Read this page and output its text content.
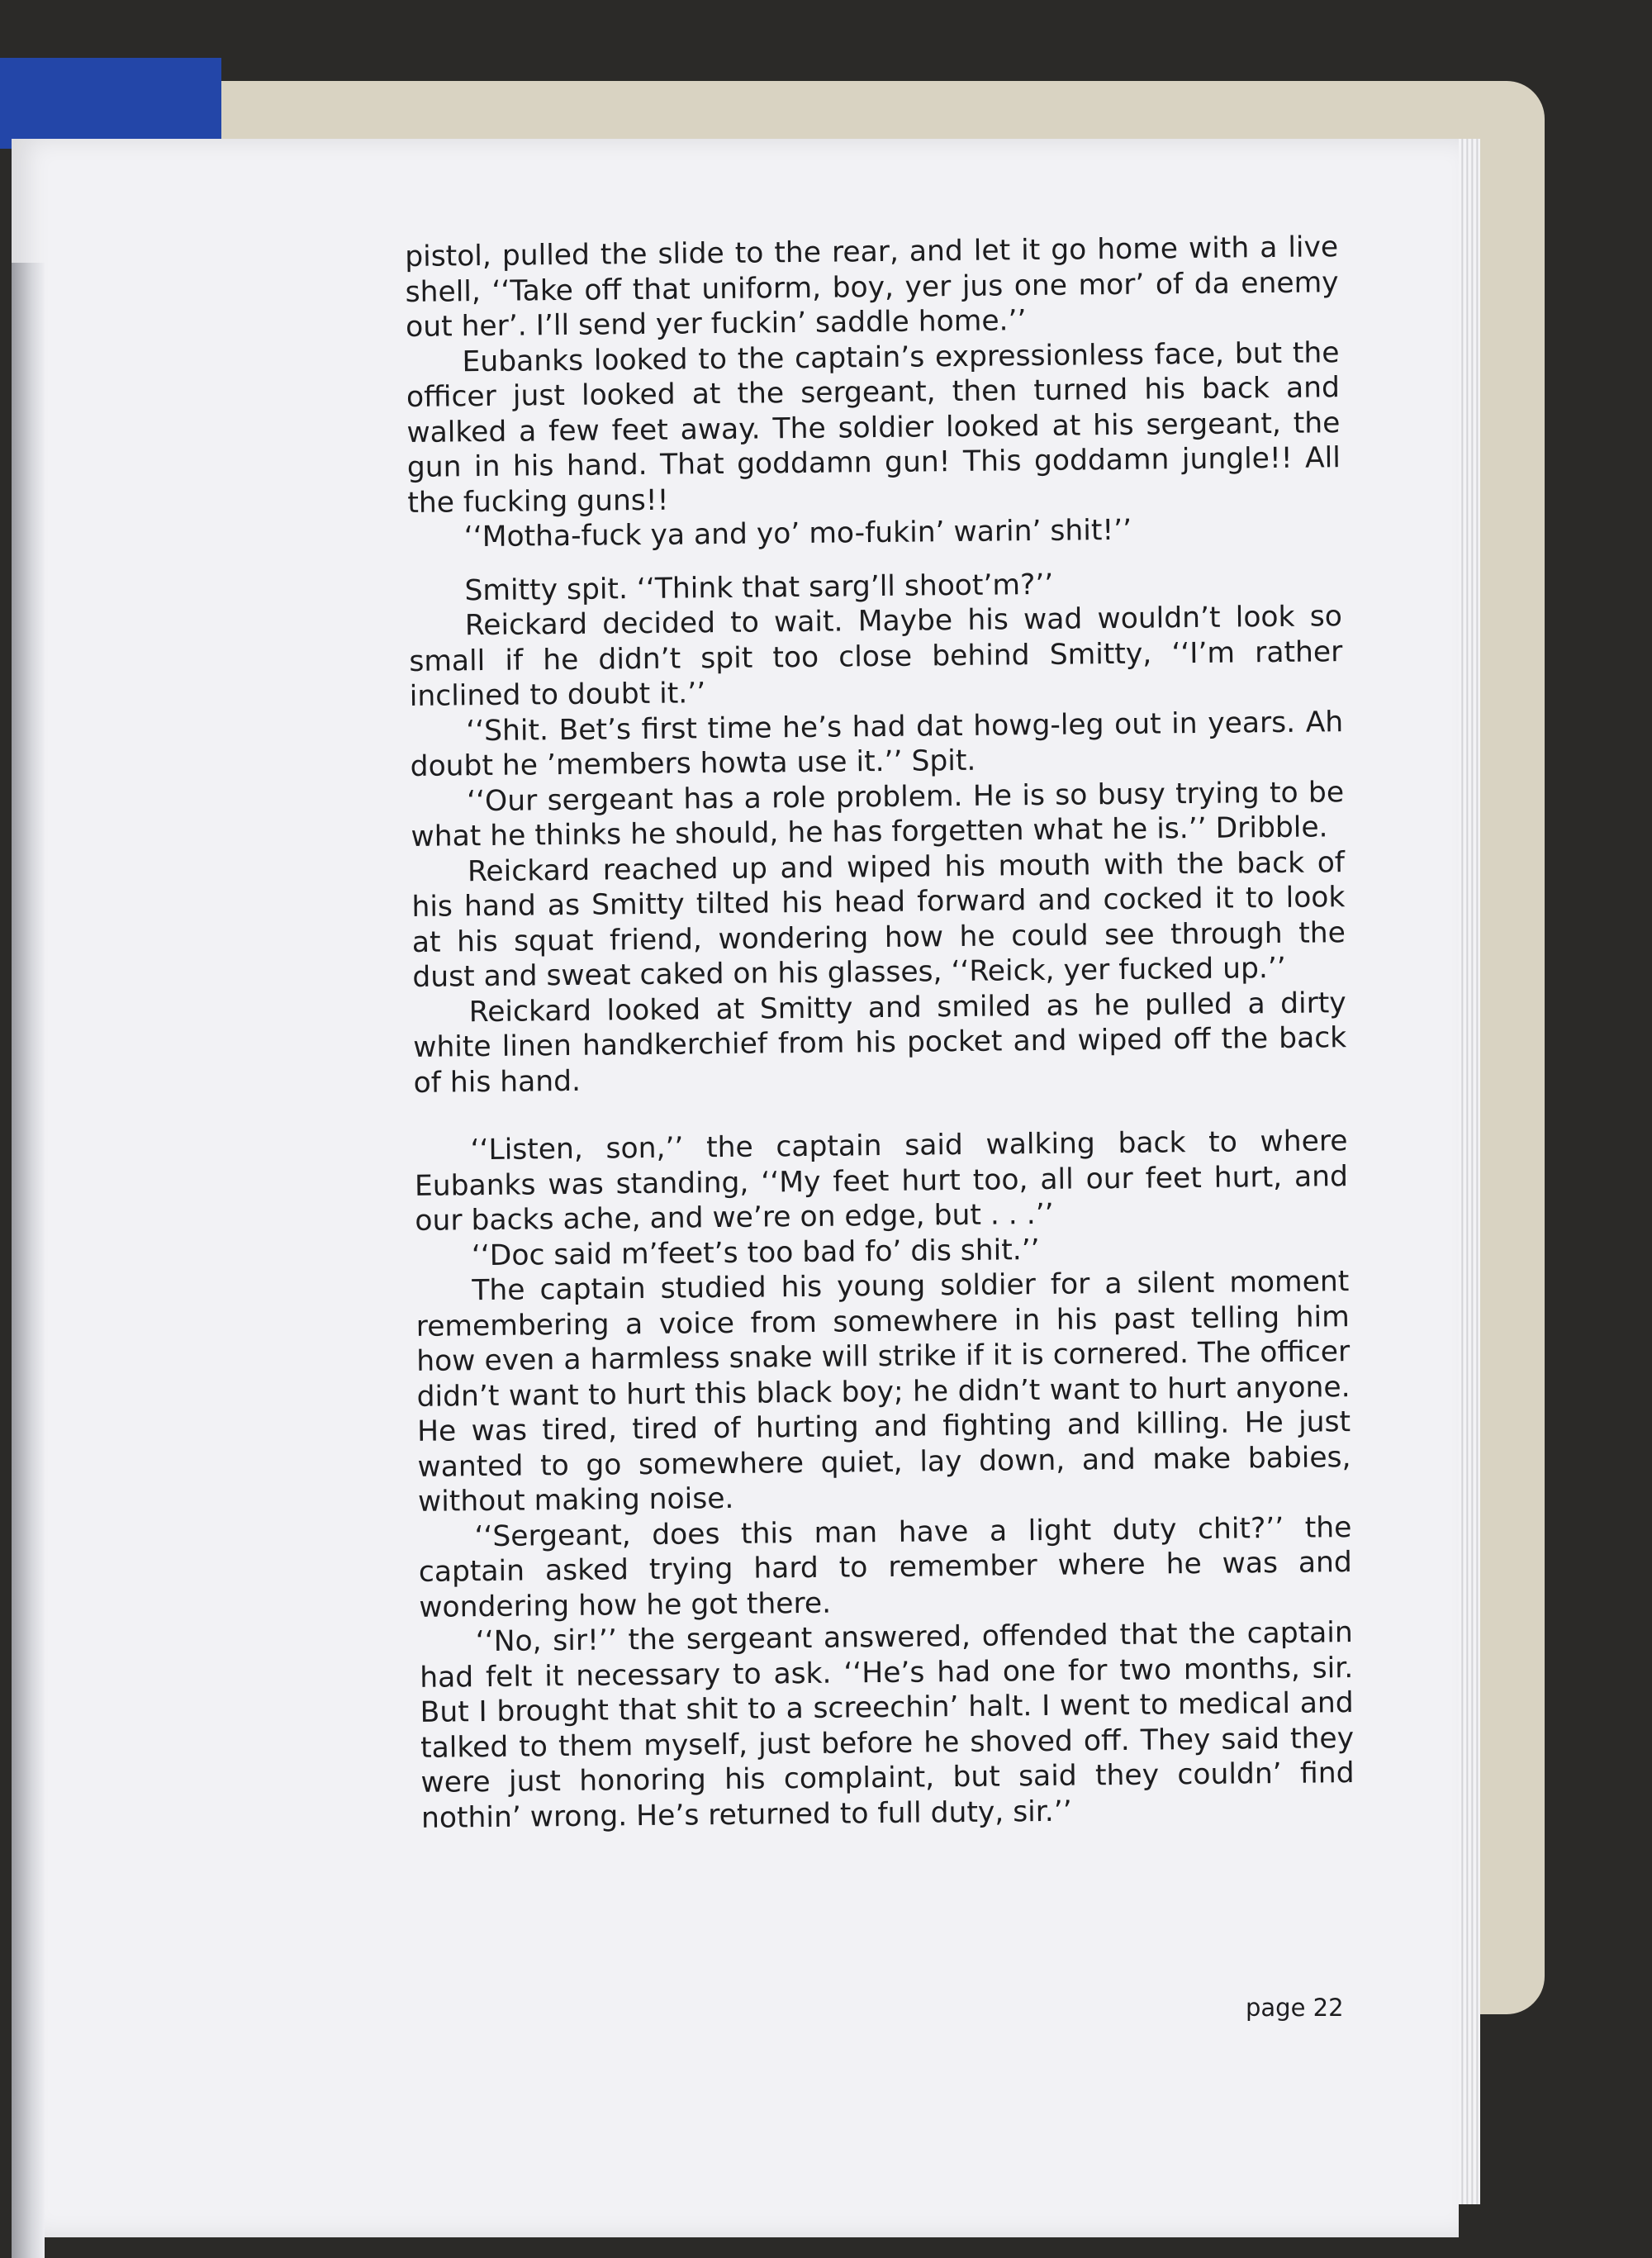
pistol, pulled the slide to the rear, and let it go home with a live shell, ‘‘Take off that uniform, boy, yer jus one mor’ of da enemy out her’. I’ll send yer fuckin’ saddle home.’’

Eubanks looked to the captain’s expressionless face, but the officer just looked at the sergeant, then turned his back and walked a few feet away. The soldier looked at his sergeant, the gun in his hand. That goddamn gun! This goddamn jungle!! All the fucking guns!!

‘‘Motha-fuck ya and yo’ mo-fukin’ warin’ shit!’’

Smitty spit. ‘‘Think that sarg’ll shoot’m?’’

Reickard decided to wait. Maybe his wad wouldn’t look so small if he didn’t spit too close behind Smitty, ‘‘I’m rather inclined to doubt it.’’

‘‘Shit. Bet’s first time he’s had dat howg-leg out in years. Ah doubt he ’members howta use it.’’ Spit.

‘‘Our sergeant has a role problem. He is so busy trying to be what he thinks he should, he has forgetten what he is.’’ Dribble.

Reickard reached up and wiped his mouth with the back of his hand as Smitty tilted his head forward and cocked it to look at his squat friend, wondering how he could see through the dust and sweat caked on his glasses, ‘‘Reick, yer fucked up.’’

Reickard looked at Smitty and smiled as he pulled a dirty white linen handkerchief from his pocket and wiped off the back of his hand.

‘‘Listen, son,’’ the captain said walking back to where Eubanks was standing, ‘‘My feet hurt too, all our feet hurt, and our backs ache, and we’re on edge, but . . .’’

‘‘Doc said m’feet’s too bad fo’ dis shit.’’

The captain studied his young soldier for a silent moment remembering a voice from somewhere in his past telling him how even a harmless snake will strike if it is cornered. The officer didn’t want to hurt this black boy; he didn’t want to hurt anyone. He was tired, tired of hurting and fighting and killing. He just wanted to go somewhere quiet, lay down, and make babies, without making noise.

‘‘Sergeant, does this man have a light duty chit?’’ the captain asked trying hard to remember where he was and wondering how he got there.

‘‘No, sir!’’ the sergeant answered, offended that the captain had felt it necessary to ask. ‘‘He’s had one for two months, sir. But I brought that shit to a screechin’ halt. I went to medical and talked to them myself, just before he shoved off. They said they were just honoring his complaint, but said they couldn’ find nothin’ wrong. He’s returned to full duty, sir.’’

page 22
